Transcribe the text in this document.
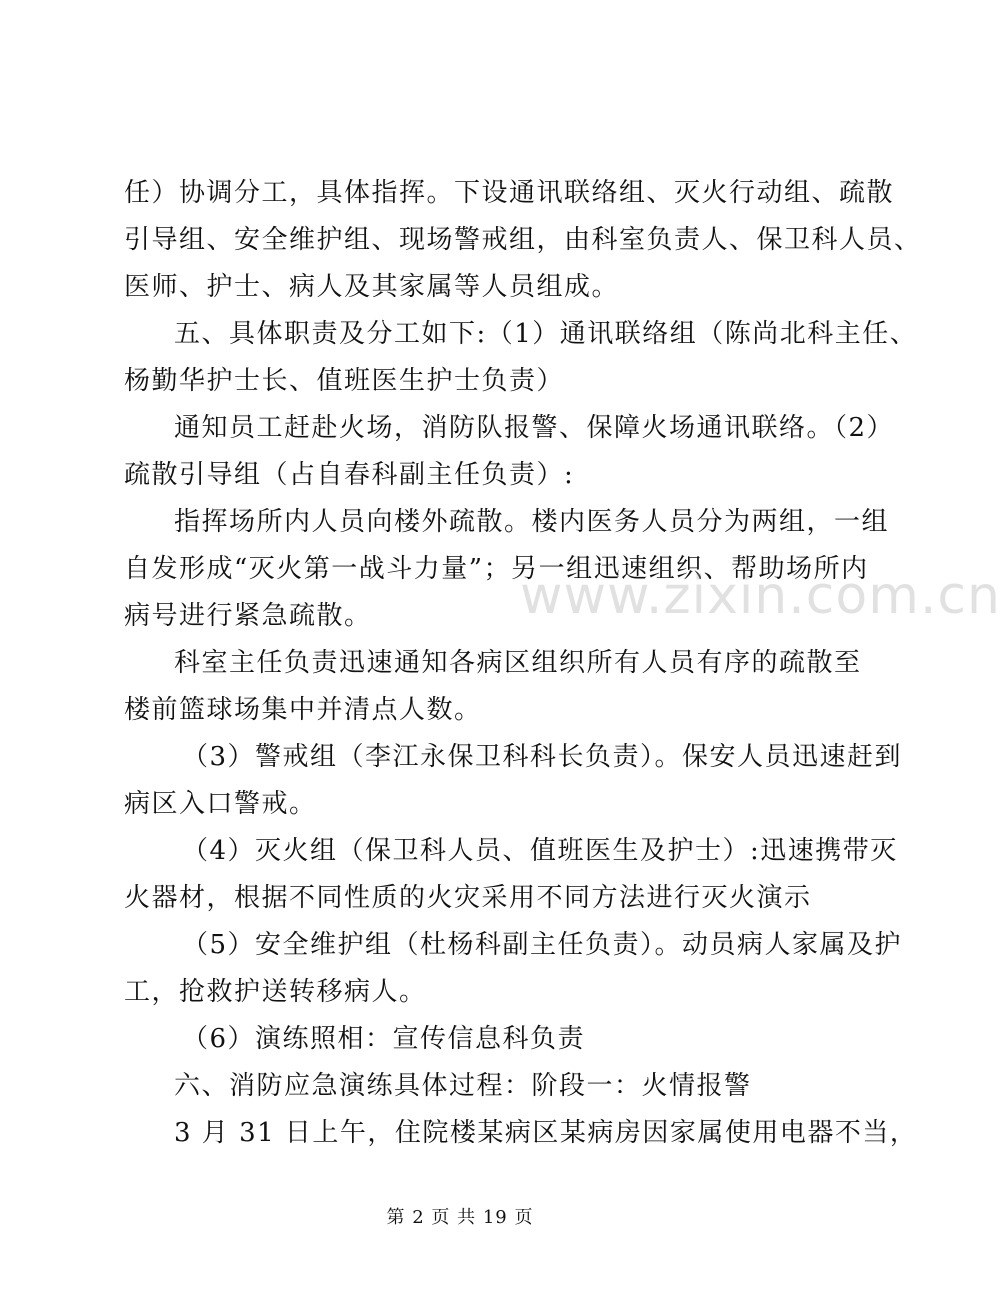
任）协调分工，具体指挥。下设通讯联络组、灭火行动组、疏散
引导组、安全维护组、现场警戒组，由科室负责人、保卫科人员、
医师、护士、病人及其家属等人员组成。
五、具体职责及分工如下:（1）通讯联络组（陈尚北科主任、
杨勤华护士长、值班医生护士负责）
通知员工赶赴火场，消防队报警、保障火场通讯联络。（2）
疏散引导组（占自春科副主任负责）:
指挥场所内人员向楼外疏散。楼内医务人员分为两组，一组
自发形成“灭火第一战斗力量”；另一组迅速组织、帮助场所内
病号进行紧急疏散。
科室主任负责迅速通知各病区组织所有人员有序的疏散至
楼前篮球场集中并清点人数。
（3）警戒组（李江永保卫科科长负责）。保安人员迅速赶到
病区入口警戒。
（4）灭火组（保卫科人员、值班医生及护士）:迅速携带灭
火器材，根据不同性质的火灾采用不同方法进行灭火演示
（5）安全维护组（杜杨科副主任负责）。动员病人家属及护
工，抢救护送转移病人。
（6）演练照相：宣传信息科负责
六、消防应急演练具体过程：阶段一：火情报警
3 月 31 日上午，住院楼某病区某病房因家属使用电器不当，
www.zixin.com.cn
第 2 页 共 19 页
